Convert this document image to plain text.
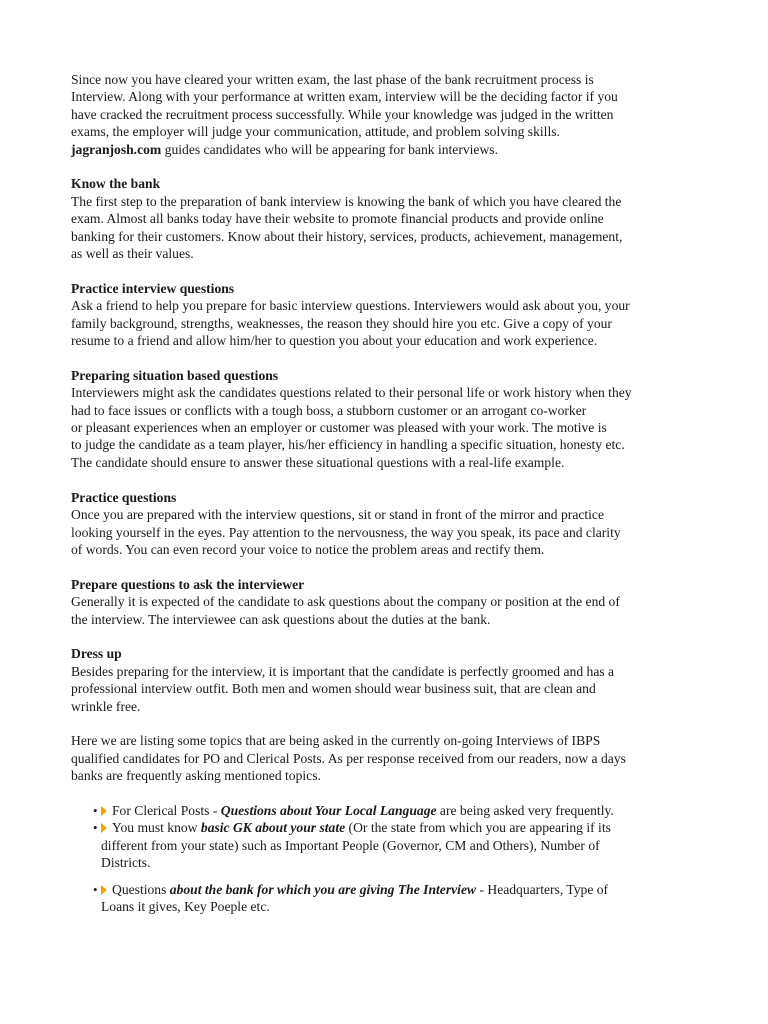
Since now you have cleared your written exam, the last phase of the bank recruitment process is
Interview. Along with your performance at written exam, interview will be the deciding factor if you
have cracked the recruitment process successfully. While your knowledge was judged in the written
exams, the employer will judge your communication, attitude, and problem solving skills.
jagranjosh.com guides candidates who will be appearing for bank interviews.

Know the bank

The first step to the preparation of bank interview is knowing the bank of which you have cleared the
exam. Almost all banks today have their website to promote financial products and provide online
banking for their customers. Know about their history, services, products, achievement, management,
as well as their values.

Practice interview questions

Ask a friend to help you prepare for basic interview questions. Interviewers would ask about you, your
family background, strengths, weaknesses, the reason they should hire you etc. Give a copy of your
resume to a friend and allow him/her to question you about your education and work experience.

Preparing situation based questions

Interviewers might ask the candidates questions related to their personal life or work history when they
had to face issues or conflicts with a tough boss, a stubborn customer or an arrogant co-worker
or pleasant experiences when an employer or customer was pleased with your work. The motive is
to judge the candidate as a team player, his/her efficiency in handling a specific situation, honesty etc.
The candidate should ensure to answer these situational questions with a real-life example.

Practice questions

Once you are prepared with the interview questions, sit or stand in front of the mirror and practice
looking yourself in the eyes. Pay attention to the nervousness, the way you speak, its pace and clarity
of words. You can even record your voice to notice the problem areas and rectify them.

Prepare questions to ask the interviewer

Generally it is expected of the candidate to ask questions about the company or position at the end of
the interview. The interviewee can ask questions about the duties at the bank.

Dress up

Besides preparing for the interview, it is important that the candidate is perfectly groomed and has a
professional interview outfit. Both men and women should wear business suit, that are clean and
wrinkle free.

Here we are listing some topics that are being asked in the currently on-going Interviews of IBPS
qualified candidates for PO and Clerical Posts. As per response received from our readers, now a days
banks are frequently asking mentioned topics.

• For Clerical Posts - Questions about Your Local Language are being asked very frequently.
• You must know basic GK about your state (Or the state from which you are appearing if its
different from your state) such as Important People (Governor, CM and Others), Number of
Districts.
• Questions about the bank for which you are giving The Interview - Headquarters, Type of
Loans it gives, Key Poeple etc.
